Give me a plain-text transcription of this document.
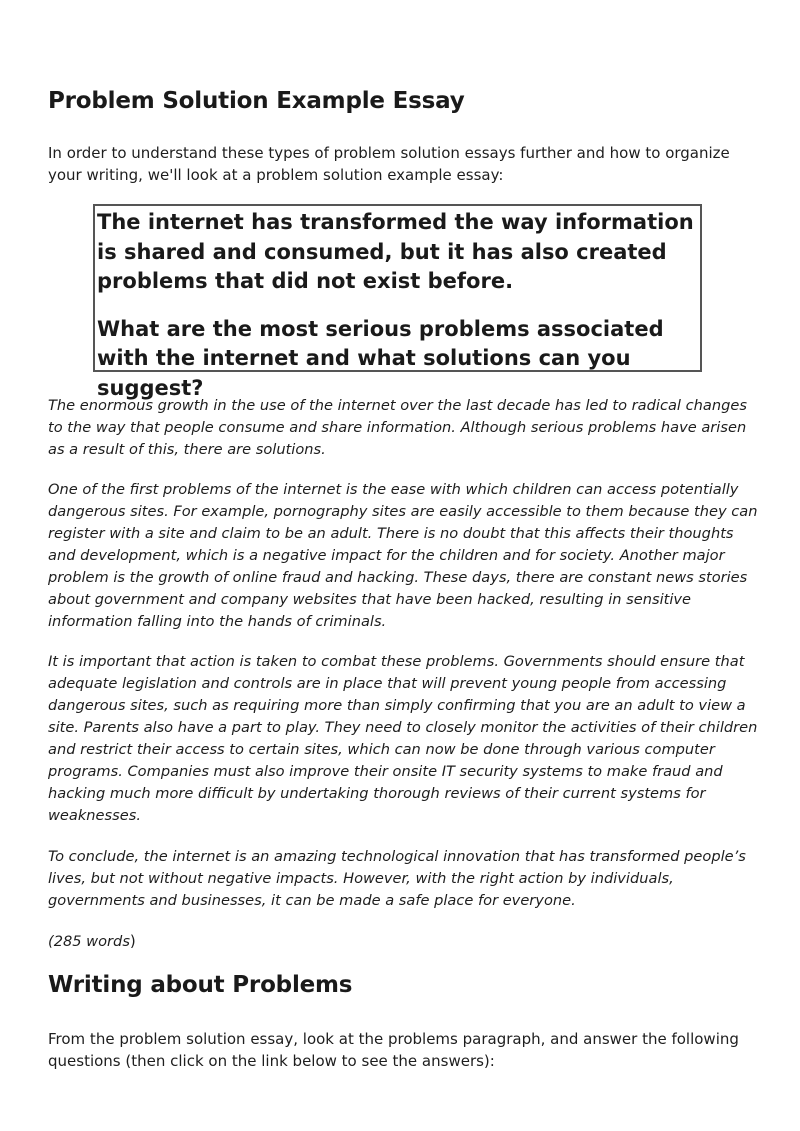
Problem Solution Example Essay

In order to understand these types of problem solution essays further and how to organize your writing, we'll look at a problem solution example essay:

The internet has transformed the way information is shared and consumed, but it has also created problems that did not exist before.

What are the most serious problems associated with the internet and what solutions can you suggest?

The enormous growth in the use of the internet over the last decade has led to radical changes to the way that people consume and share information. Although serious problems have arisen as a result of this, there are solutions.

One of the first problems of the internet is the ease with which children can access potentially dangerous sites. For example, pornography sites are easily accessible to them because they can register with a site and claim to be an adult. There is no doubt that this affects their thoughts and development, which is a negative impact for the children and for society. Another major problem is the growth of online fraud and hacking. These days, there are constant news stories about government and company websites that have been hacked, resulting in sensitive information falling into the hands of criminals.

It is important that action is taken to combat these problems. Governments should ensure that adequate legislation and controls are in place that will prevent young people from accessing dangerous sites, such as requiring more than simply confirming that you are an adult to view a site. Parents also have a part to play. They need to closely monitor the activities of their children and restrict their access to certain sites, which can now be done through various computer programs. Companies must also improve their onsite IT security systems to make fraud and hacking much more difficult by undertaking thorough reviews of their current systems for weaknesses.

To conclude, the internet is an amazing technological innovation that has transformed people’s lives, but not without negative impacts. However, with the right action by individuals, governments and businesses, it can be made a safe place for everyone.

(285 words)

Writing about Problems

From the problem solution essay, look at the problems paragraph, and answer the following questions (then click on the link below to see the answers):
